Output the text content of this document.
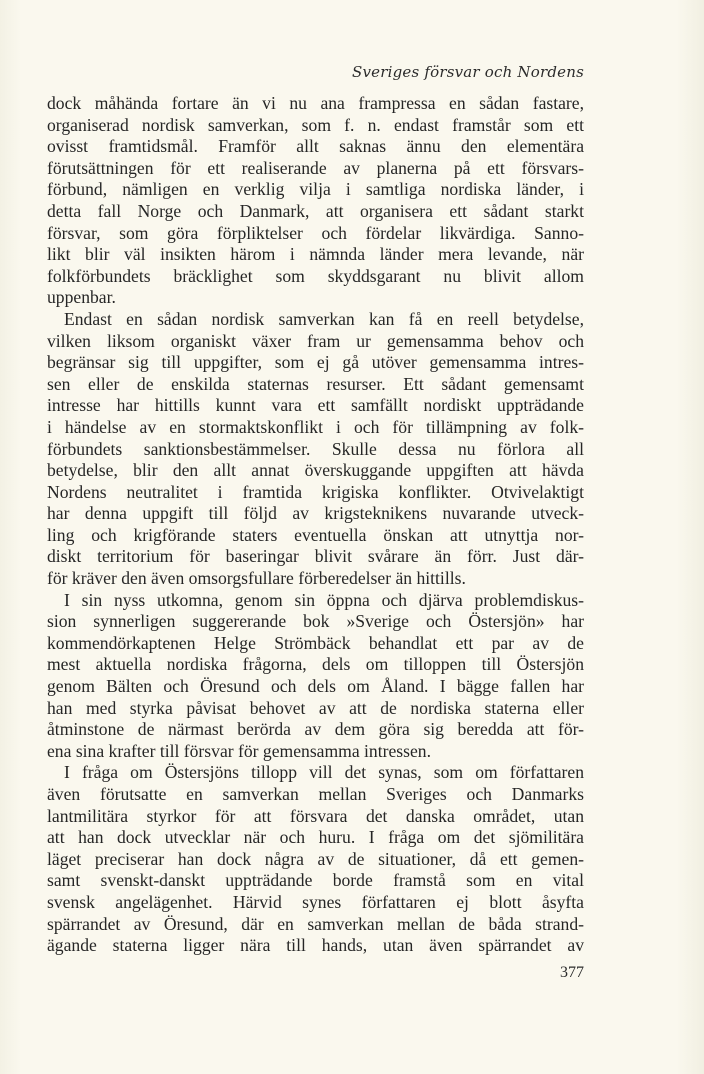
Sveriges försvar och Nordens
dock måhända fortare än vi nu ana frampressa en sådan fastare,
organiserad nordisk samverkan, som f. n. endast framstår som ett
ovisst framtidsmål. Framför allt saknas ännu den elementära
förutsättningen för ett realiserande av planerna på ett försvars-
förbund, nämligen en verklig vilja i samtliga nordiska länder, i
detta fall Norge och Danmark, att organisera ett sådant starkt
försvar, som göra förpliktelser och fördelar likvärdiga. Sanno-
likt blir väl insikten härom i nämnda länder mera levande, när
folkförbundets bräcklighet som skyddsgarant nu blivit allom
uppenbar.
Endast en sådan nordisk samverkan kan få en reell betydelse,
vilken liksom organiskt växer fram ur gemensamma behov och
begränsar sig till uppgifter, som ej gå utöver gemensamma intres-
sen eller de enskilda staternas resurser. Ett sådant gemensamt
intresse har hittills kunnt vara ett samfällt nordiskt uppträdande
i händelse av en stormaktskonflikt i och för tillämpning av folk-
förbundets sanktionsbestämmelser. Skulle dessa nu förlora all
betydelse, blir den allt annat överskuggande uppgiften att hävda
Nordens neutralitet i framtida krigiska konflikter. Otvivelaktigt
har denna uppgift till följd av krigsteknikens nuvarande utveck-
ling och krigförande staters eventuella önskan att utnyttja nor-
diskt territorium för baseringar blivit svårare än förr. Just där-
för kräver den även omsorgsfullare förberedelser än hittills.
I sin nyss utkomna, genom sin öppna och djärva problemdiskus-
sion synnerligen suggererande bok »Sverige och Östersjön» har
kommendörkaptenen Helge Strömbäck behandlat ett par av de
mest aktuella nordiska frågorna, dels om tilloppen till Östersjön
genom Bälten och Öresund och dels om Åland. I bägge fallen har
han med styrka påvisat behovet av att de nordiska staterna eller
åtminstone de närmast berörda av dem göra sig beredda att för-
ena sina krafter till försvar för gemensamma intressen.
I fråga om Östersjöns tillopp vill det synas, som om författaren
även förutsatte en samverkan mellan Sveriges och Danmarks
lantmilitära styrkor för att försvara det danska området, utan
att han dock utvecklar när och huru. I fråga om det sjömilitära
läget preciserar han dock några av de situationer, då ett gemen-
samt svenskt-danskt uppträdande borde framstå som en vital
svensk angelägenhet. Härvid synes författaren ej blott åsyfta
spärrandet av Öresund, där en samverkan mellan de båda strand-
ägande staterna ligger nära till hands, utan även spärrandet av
377
